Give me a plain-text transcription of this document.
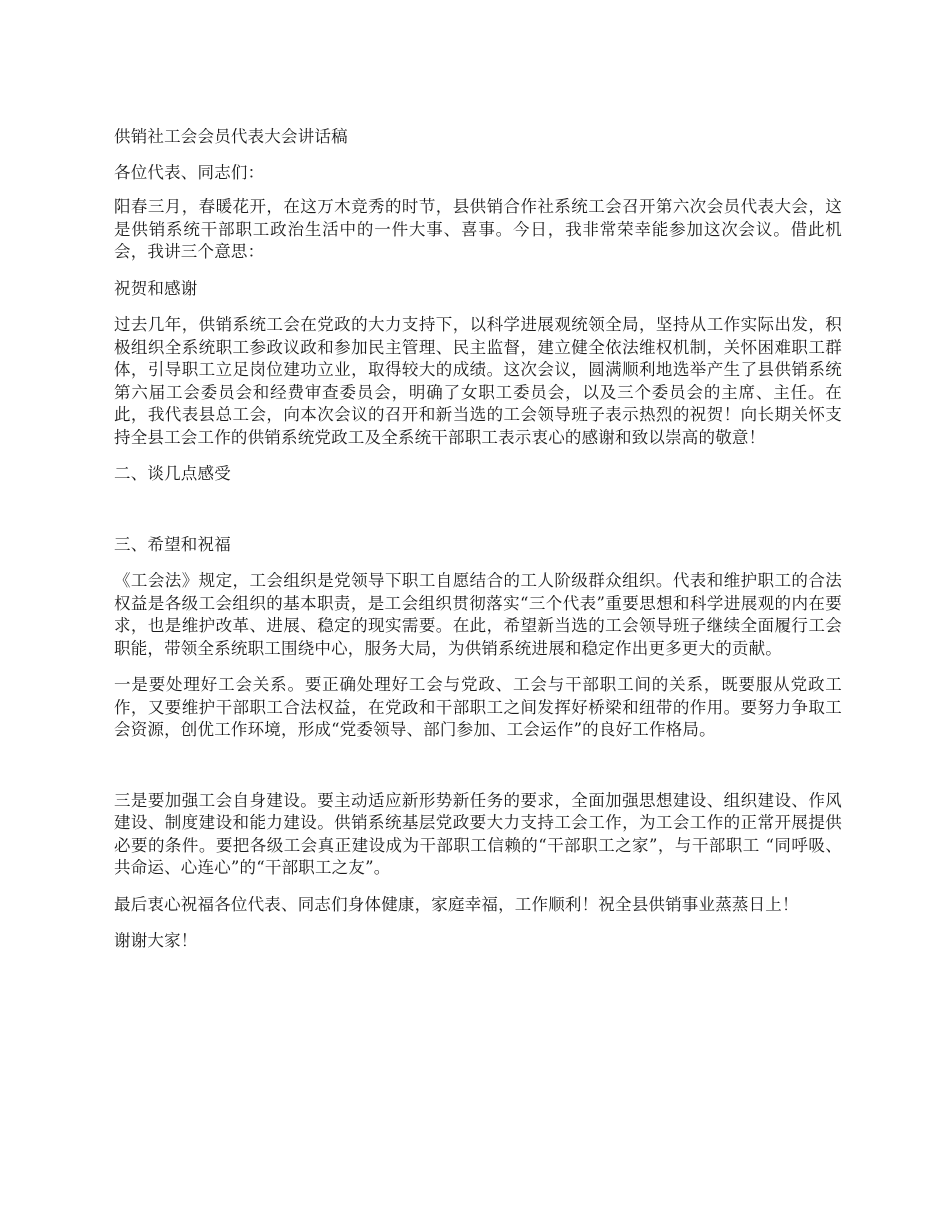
供销社工会会员代表大会讲话稿

各位代表、同志们：

阳春三月，春暖花开，在这万木竞秀的时节，县供销合作社系统工会召开第六次会员代表大会，这是供销系统干部职工政治生活中的一件大事、喜事。今日，我非常荣幸能参加这次会议。借此机会，我讲三个意思：

祝贺和感谢

过去几年，供销系统工会在党政的大力支持下，以科学进展观统领全局，坚持从工作实际出发，积极组织全系统职工参政议政和参加民主管理、民主监督，建立健全依法维权机制，关怀困难职工群体，引导职工立足岗位建功立业，取得较大的成绩。这次会议，圆满顺利地选举产生了县供销系统第六届工会委员会和经费审查委员会，明确了女职工委员会，以及三个委员会的主席、主任。在此，我代表县总工会，向本次会议的召开和新当选的工会领导班子表示热烈的祝贺！向长期关怀支持全县工会工作的供销系统党政工及全系统干部职工表示衷心的感谢和致以崇高的敬意！

二、谈几点感受

三、希望和祝福

《工会法》规定，工会组织是党领导下职工自愿结合的工人阶级群众组织。代表和维护职工的合法权益是各级工会组织的基本职责，是工会组织贯彻落实“三个代表”重要思想和科学进展观的内在要求，也是维护改革、进展、稳定的现实需要。在此，希望新当选的工会领导班子继续全面履行工会职能，带领全系统职工围绕中心，服务大局，为供销系统进展和稳定作出更多更大的贡献。

一是要处理好工会关系。要正确处理好工会与党政、工会与干部职工间的关系，既要服从党政工作，又要维护干部职工合法权益，在党政和干部职工之间发挥好桥梁和纽带的作用。要努力争取工会资源，创优工作环境，形成“党委领导、部门参加、工会运作”的良好工作格局。

三是要加强工会自身建设。要主动适应新形势新任务的要求，全面加强思想建设、组织建设、作风建设、制度建设和能力建设。供销系统基层党政要大力支持工会工作，为工会工作的正常开展提供必要的条件。要把各级工会真正建设成为干部职工信赖的“干部职工之家”，与干部职工 “同呼吸、共命运、心连心”的“干部职工之友”。

最后衷心祝福各位代表、同志们身体健康，家庭幸福，工作顺利！祝全县供销事业蒸蒸日上！

谢谢大家！
